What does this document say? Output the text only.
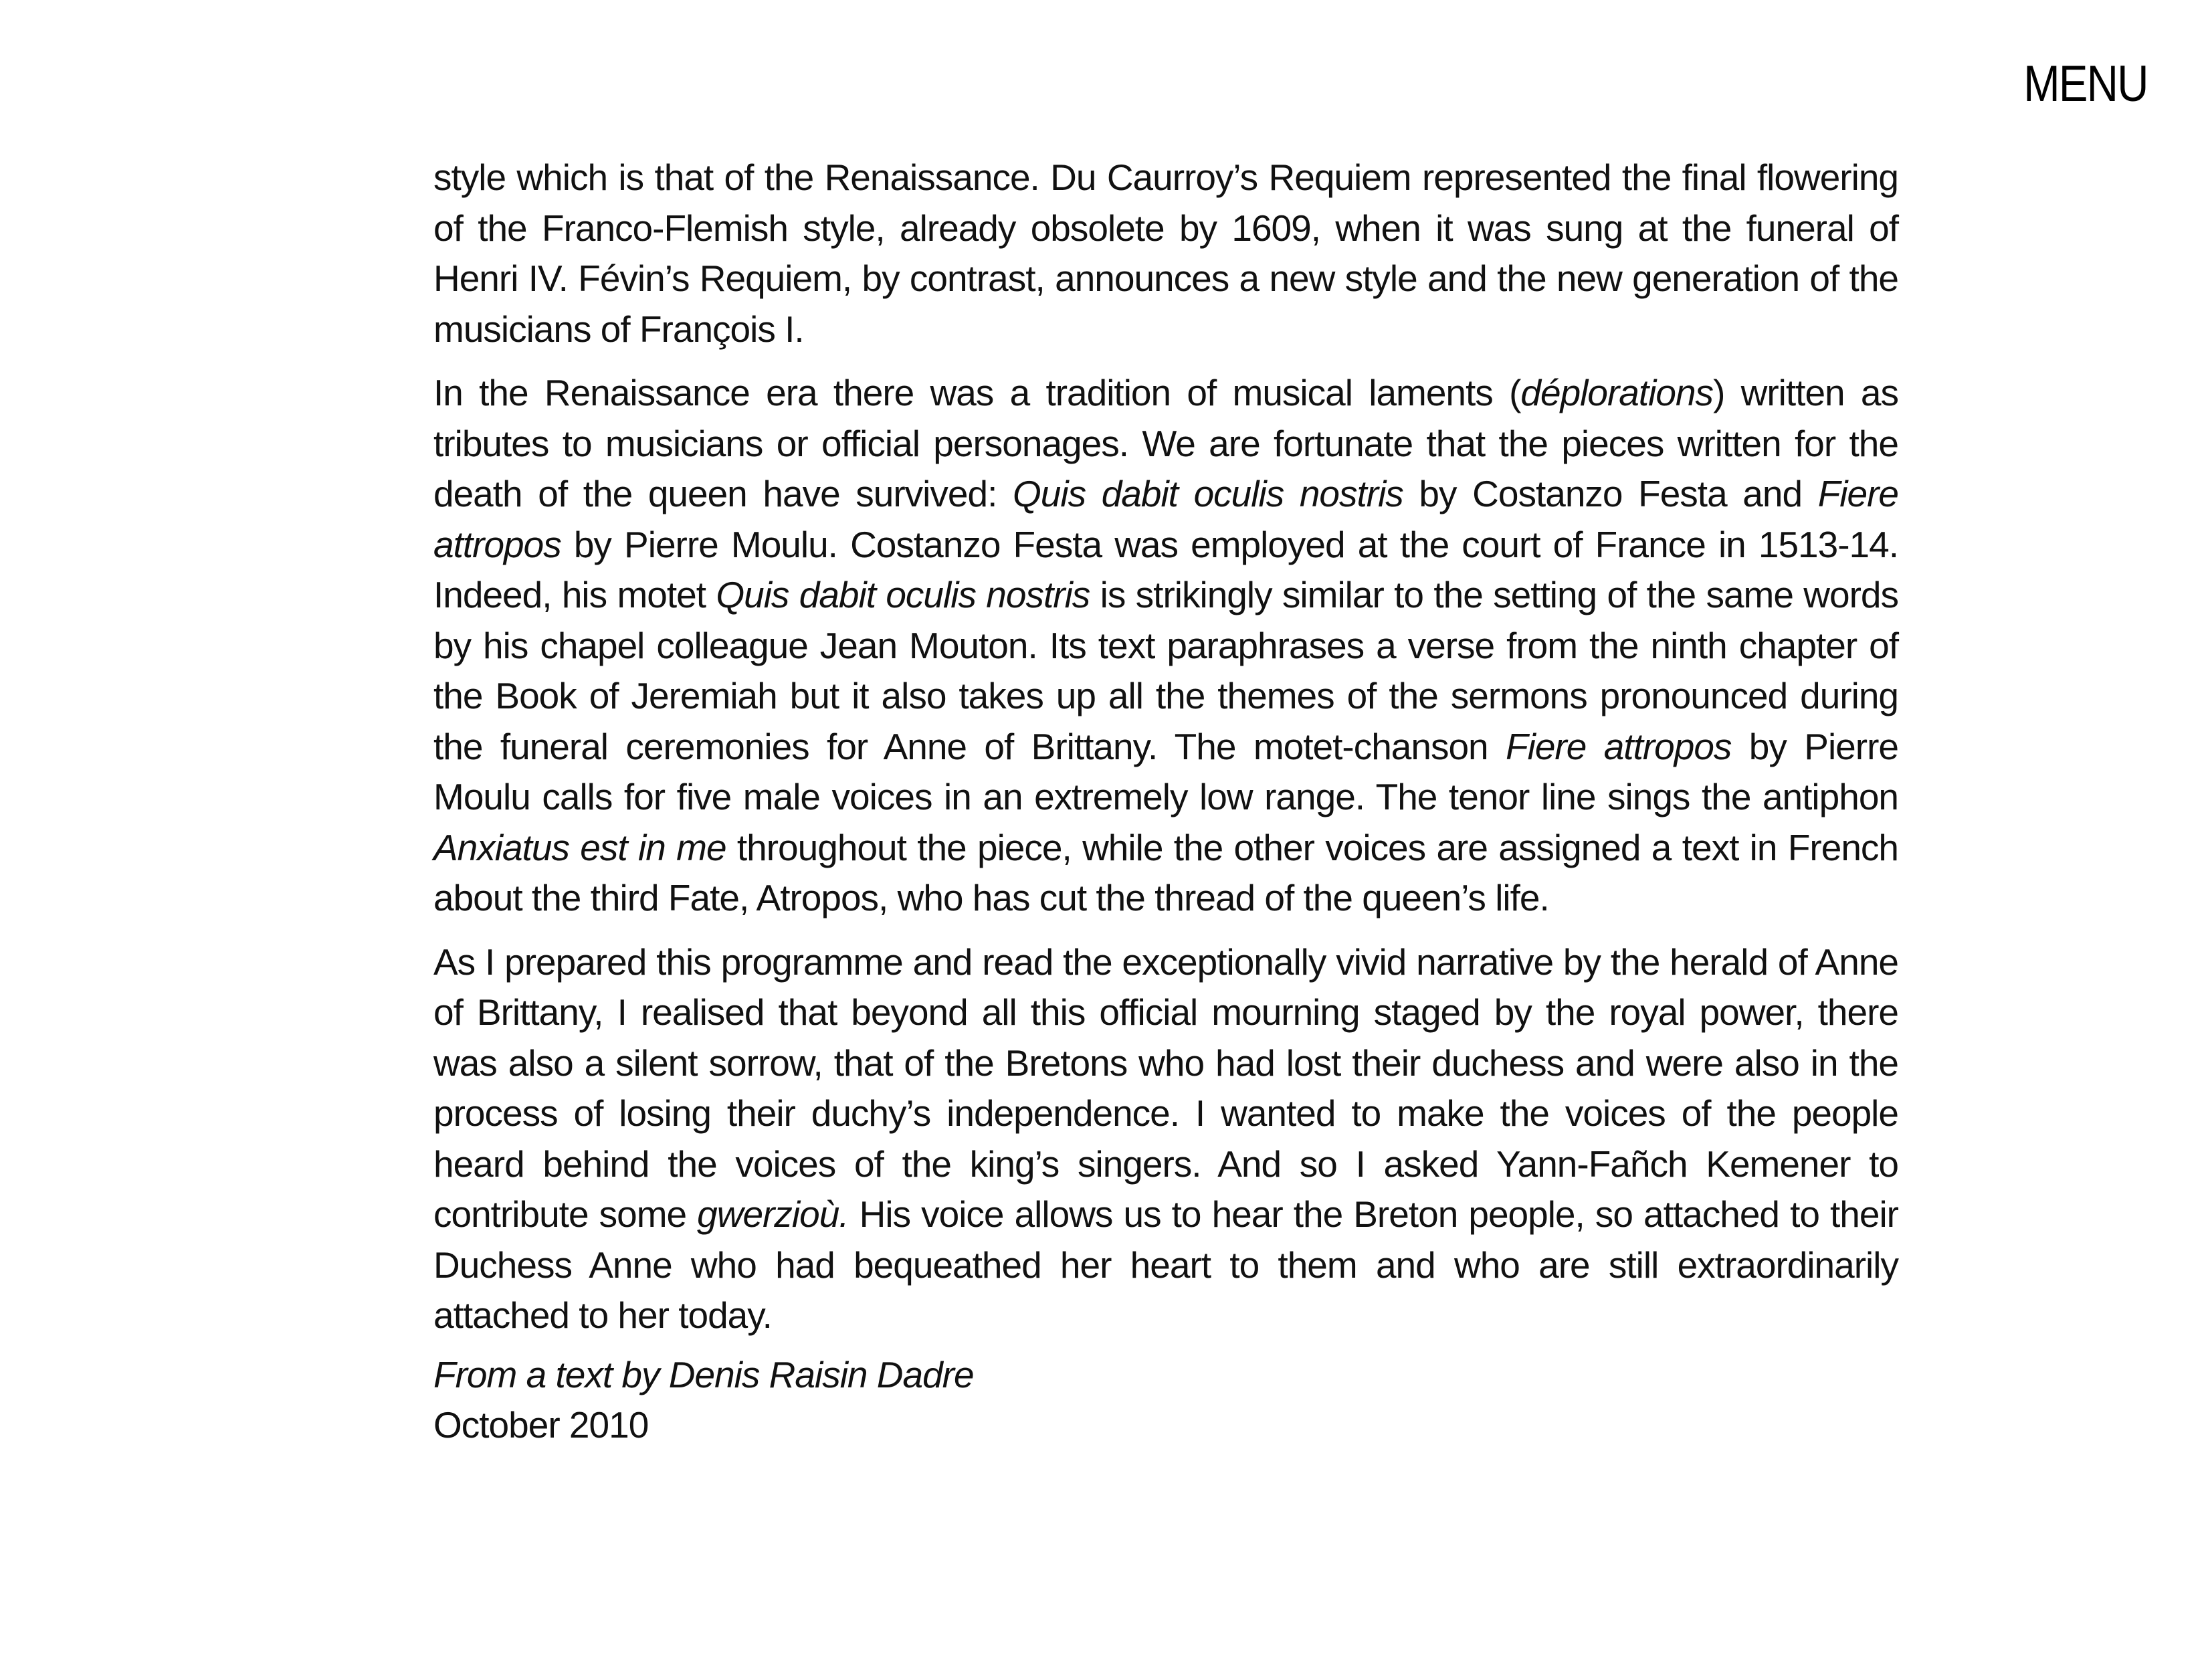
MENU

style which is that of the Renaissance. Du Caurroy’s Requiem represented the final flowering of the Franco-Flemish style, already obsolete by 1609, when it was sung at the funeral of Henri IV. Févin’s Requiem, by contrast, announces a new style and the new generation of the musicians of François I.

In the Renaissance era there was a tradition of musical laments (déplorations) written as tributes to musicians or official personages. We are fortunate that the pieces written for the death of the queen have survived: Quis dabit oculis nostris by Costanzo Festa and Fiere attropos by Pierre Moulu. Costanzo Festa was employed at the court of France in 1513-14. Indeed, his motet Quis dabit oculis nostris is strikingly similar to the setting of the same words by his chapel colleague Jean Mouton. Its text paraphrases a verse from the ninth chapter of the Book of Jeremiah but it also takes up all the themes of the sermons pronounced during the funeral ceremonies for Anne of Brittany. The motet-chanson Fiere attropos by Pierre Moulu calls for five male voices in an extremely low range. The tenor line sings the antiphon Anxiatus est in me throughout the piece, while the other voices are assigned a text in French about the third Fate, Atropos, who has cut the thread of the queen’s life.

As I prepared this programme and read the exceptionally vivid narrative by the herald of Anne of Brittany, I realised that beyond all this official mourning staged by the royal power, there was also a silent sorrow, that of the Bretons who had lost their duchess and were also in the process of losing their duchy’s independence. I wanted to make the voices of the people heard behind the voices of the king’s singers. And so I asked Yann-Fañch Kemener to contribute some gwerzioù. His voice allows us to hear the Breton people, so attached to their Duchess Anne who had bequeathed her heart to them and who are still extraordinarily attached to her today.

From a text by Denis Raisin Dadre
October 2010
